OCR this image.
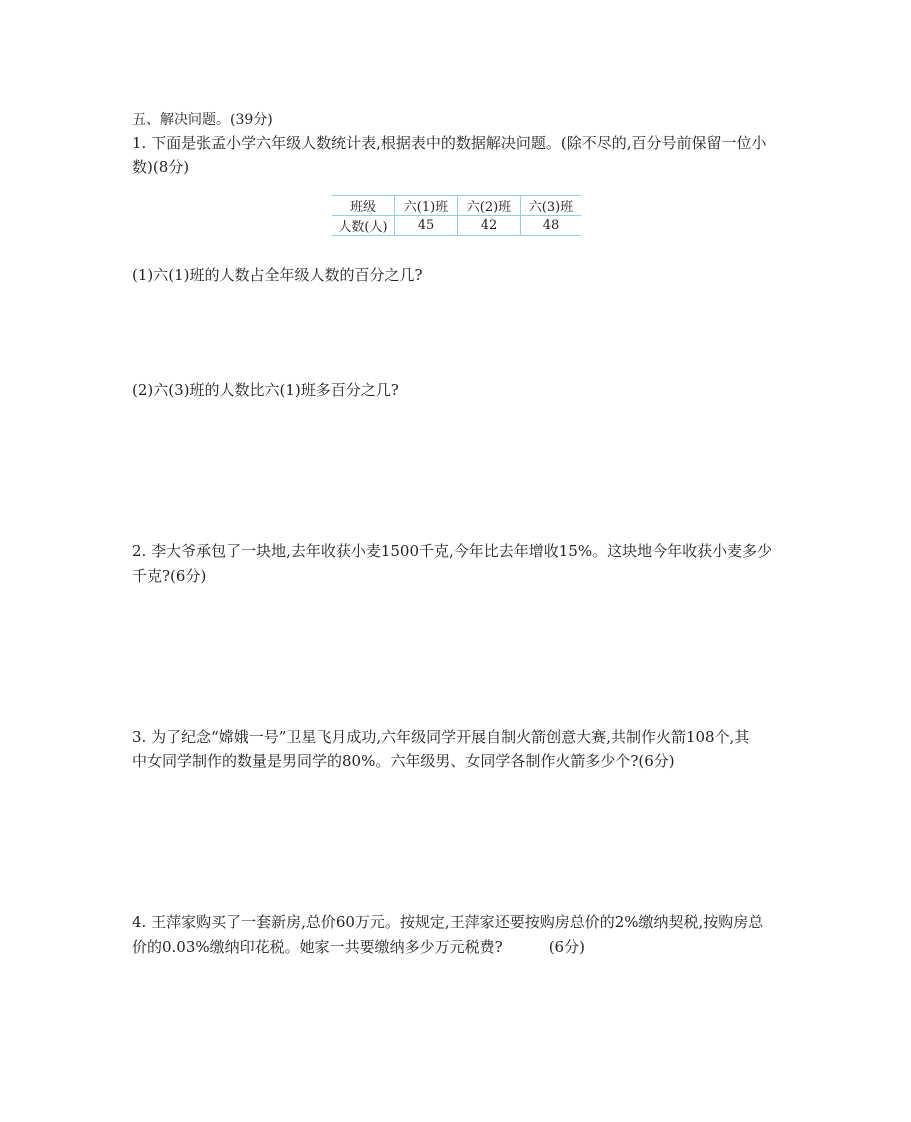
五、解决问题。(39分)
1. 下面是张孟小学六年级人数统计表,根据表中的数据解决问题。(除不尽的,百分号前保留一位小
数)(8分)
班级	六(1)班	六(2)班	六(3)班
人数(人)	45	42	48
(1)六(1)班的人数占全年级人数的百分之几?
(2)六(3)班的人数比六(1)班多百分之几?
2. 李大爷承包了一块地,去年收获小麦1500千克,今年比去年增收15%。这块地今年收获小麦多少
千克?(6分)
3. 为了纪念“嫦娥一号”卫星飞月成功,六年级同学开展自制火箭创意大赛,共制作火箭108个,其
中女同学制作的数量是男同学的80%。六年级男、女同学各制作火箭多少个?(6分)
4. 王萍家购买了一套新房,总价60万元。按规定,王萍家还要按购房总价的2%缴纳契税,按购房总
价的0.03%缴纳印花税。她家一共要缴纳多少万元税费?	(6分)
